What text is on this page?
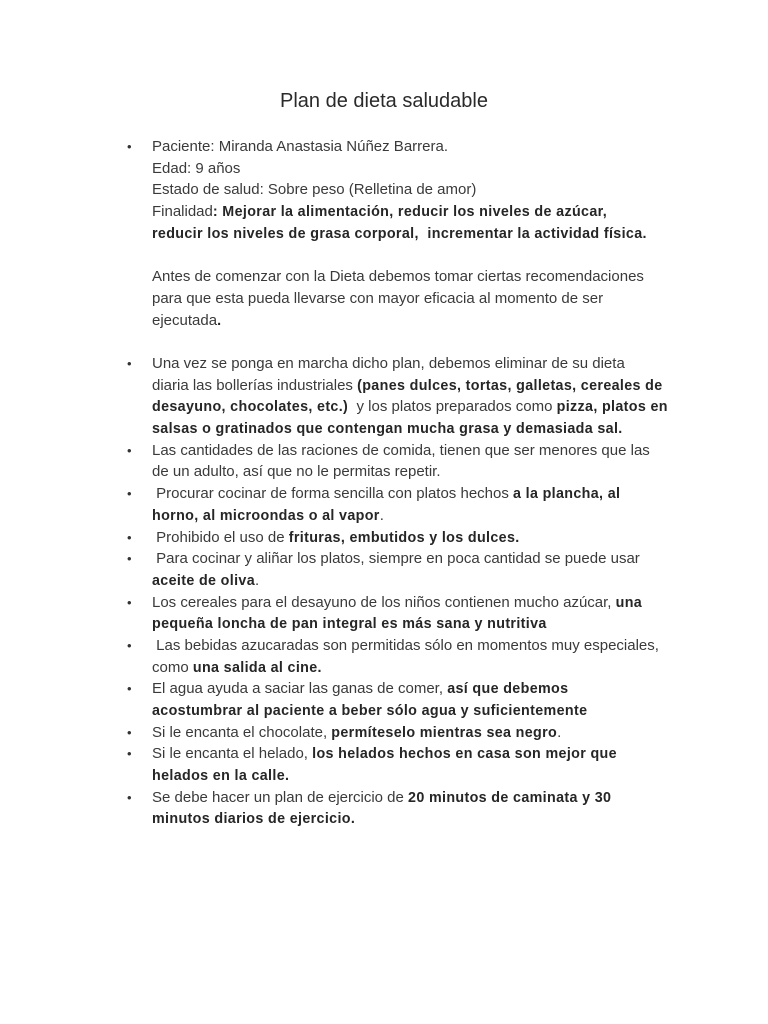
Plan de dieta saludable
• Paciente: Miranda Anastasia Núñez Barrera.
Edad: 9 años
Estado de salud: Sobre peso (Relletina de amor)
Finalidad: Mejorar la alimentación, reducir los niveles de azúcar,
reducir los niveles de grasa corporal,  incrementar la actividad física.
Antes de comenzar con la Dieta debemos tomar ciertas recomendaciones
para que esta pueda llevarse con mayor eficacia al momento de ser
ejecutada.
• Una vez se ponga en marcha dicho plan, debemos eliminar de su dieta
diaria las bollerías industriales (panes dulces, tortas, galletas, cereales de
desayuno, chocolates, etc.)  y los platos preparados como pizza, platos en
salsas o gratinados que contengan mucha grasa y demasiada sal.
• Las cantidades de las raciones de comida, tienen que ser menores que las
de un adulto, así que no le permitas repetir.
• Procurar cocinar de forma sencilla con platos hechos a la plancha, al
horno, al microondas o al vapor.
• Prohibido el uso de frituras, embutidos y los dulces.
• Para cocinar y aliñar los platos, siempre en poca cantidad se puede usar
aceite de oliva.
• Los cereales para el desayuno de los niños contienen mucho azúcar, una
pequeña loncha de pan integral es más sana y nutritiva
• Las bebidas azucaradas son permitidas sólo en momentos muy especiales,
como una salida al cine.
• El agua ayuda a saciar las ganas de comer, así que debemos
acostumbrar al paciente a beber sólo agua y suficientemente
• Si le encanta el chocolate, permíteselo mientras sea negro.
• Si le encanta el helado, los helados hechos en casa son mejor que
helados en la calle.
• Se debe hacer un plan de ejercicio de 20 minutos de caminata y 30
minutos diarios de ejercicio.
